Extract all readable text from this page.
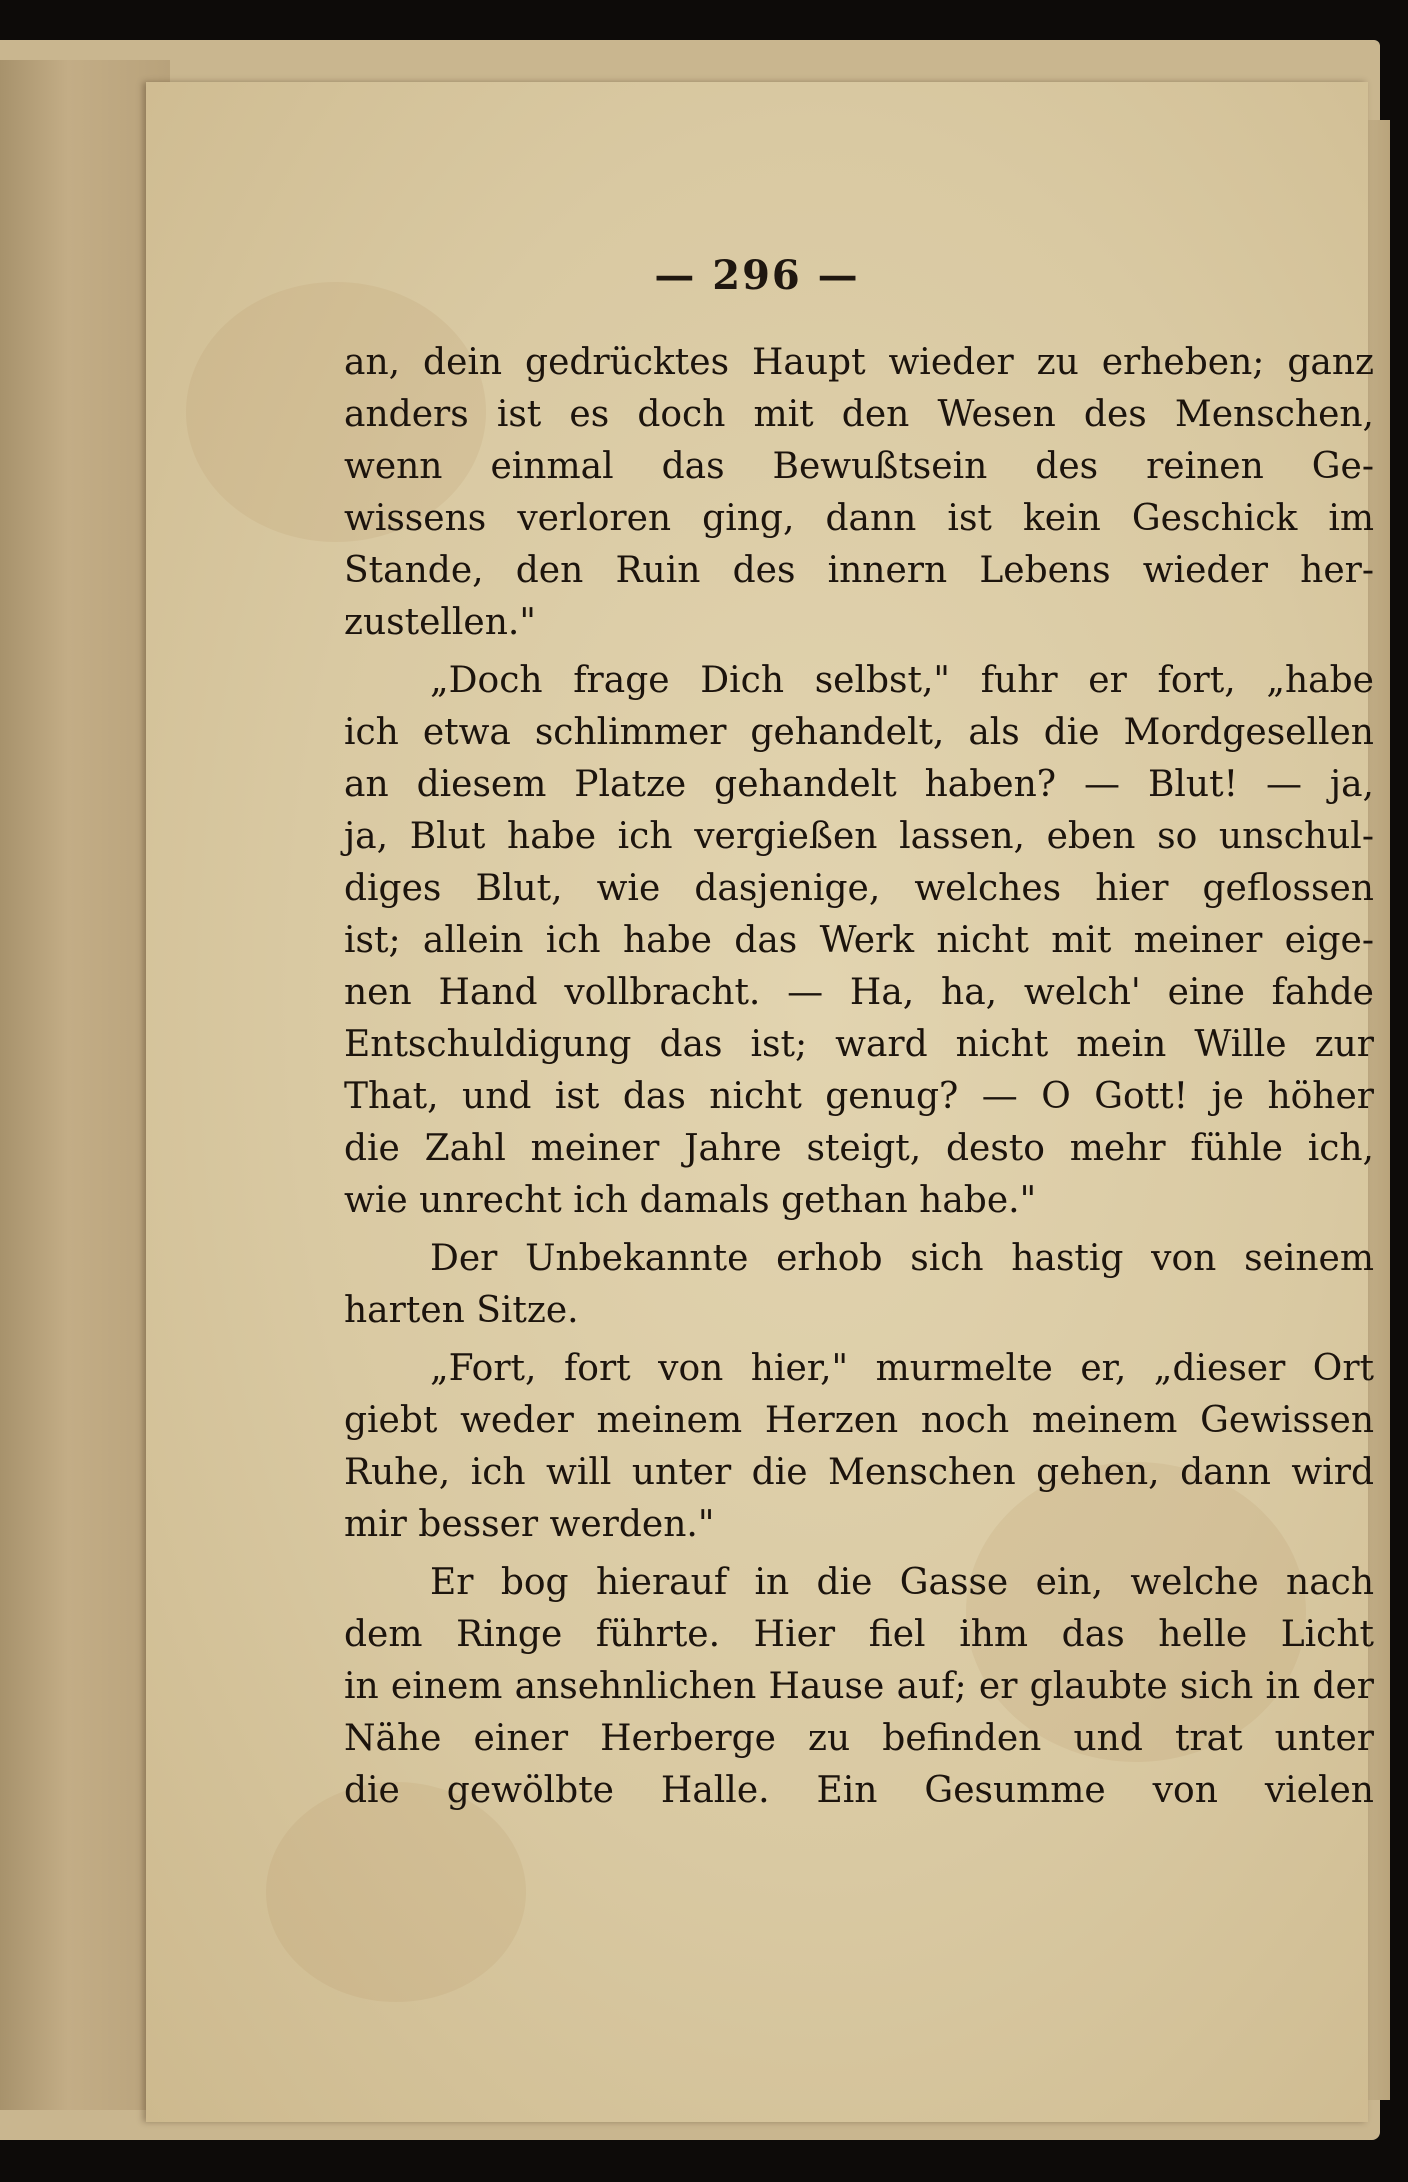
— 296 —
an, dein gedrücktes Haupt wieder zu erheben; ganz
anders ist es doch mit den Wesen des Menschen,
wenn einmal das Bewußtsein des reinen Ge-
wissens verloren ging, dann ist kein Geschick im
Stande, den Ruin des innern Lebens wieder her-
zustellen."
„Doch frage Dich selbst," fuhr er fort, „habe
ich etwa schlimmer gehandelt, als die Mordgesellen
an diesem Platze gehandelt haben? — Blut! — ja,
ja, Blut habe ich vergießen lassen, eben so unschul-
diges Blut, wie dasjenige, welches hier geflossen
ist; allein ich habe das Werk nicht mit meiner eige-
nen Hand vollbracht. — Ha, ha, welch' eine fahde
Entschuldigung das ist; ward nicht mein Wille zur
That, und ist das nicht genug? — O Gott! je höher
die Zahl meiner Jahre steigt, desto mehr fühle ich,
wie unrecht ich damals gethan habe."
Der Unbekannte erhob sich hastig von seinem
harten Sitze.
„Fort, fort von hier," murmelte er, „dieser Ort
giebt weder meinem Herzen noch meinem Gewissen
Ruhe, ich will unter die Menschen gehen, dann wird
mir besser werden."
Er bog hierauf in die Gasse ein, welche nach
dem Ringe führte. Hier fiel ihm das helle Licht
in einem ansehnlichen Hause auf; er glaubte sich in der
Nähe einer Herberge zu befinden und trat unter
die gewölbte Halle. Ein Gesumme von vielen
